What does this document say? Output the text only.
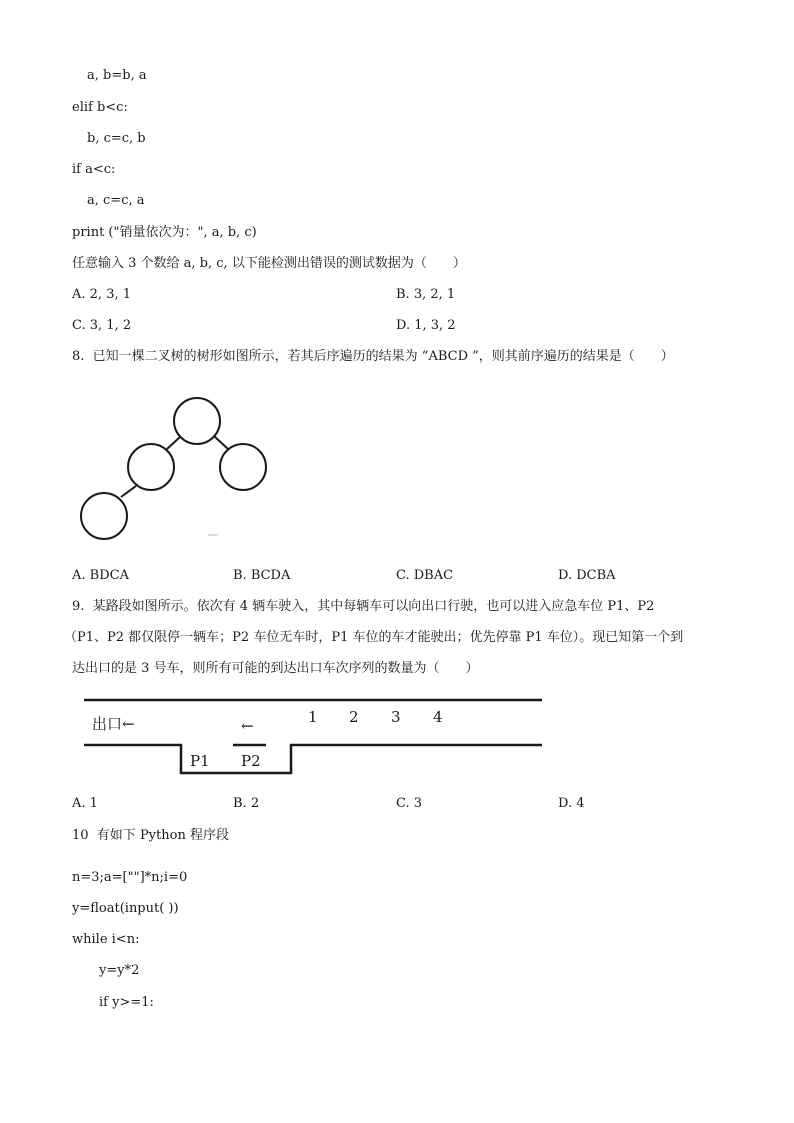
a, b=b, a
elif b<c:
b, c=c, b
if a<c:
a, c=c, a
print ("销量依次为：", a, b, c)
任意输入 3 个数给 a, b, c, 以下能检测出错误的测试数据为（　　）
A. 2, 3, 1	B. 3, 2, 1
C. 3, 1, 2	D. 1, 3, 2
8.  已知一棵二叉树的树形如图所示，若其后序遍历的结果为 “ABCD ”，则其前序遍历的结果是（　　）
A. BDCA	B. BCDA	C. DBAC	D. DCBA
9.  某路段如图所示。依次有 4 辆车驶入，其中每辆车可以向出口行驶，也可以进入应急车位 P1、P2
（P1、P2 都仅限停一辆车；P2 车位无车时，P1 车位的车才能驶出；优先停靠 P1 车位）。现已知第一个到
达出口的是 3 号车，则所有可能的到达出口车次序列的数量为（　　）
出口←	←	1 2 3 4
P1 P2
A. 1	B. 2	C. 3	D. 4
10  有如下 Python 程序段
n=3;a=[""]*n;i=0
y=float(input( ))
while i<n:
y=y*2
if y>=1:
